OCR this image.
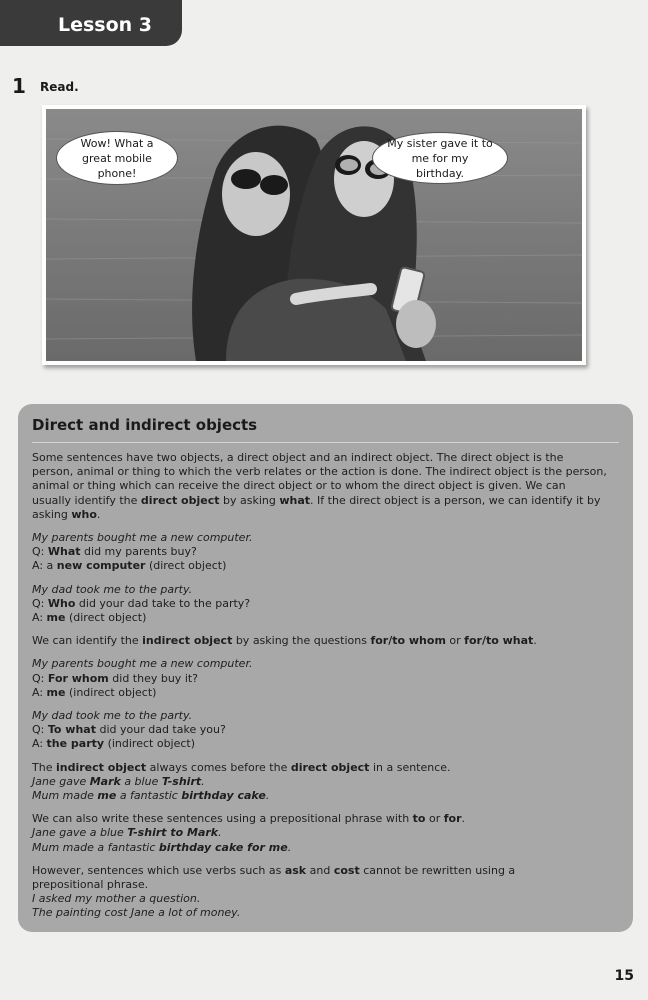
Lesson 3
1 Read.
Wow! What a great mobile phone!
My sister gave it to me for my birthday.
Direct and indirect objects
Some sentences have two objects, a direct object and an indirect object. The direct object is the
person, animal or thing to which the verb relates or the action is done. The indirect object is the person,
animal or thing which can receive the direct object or to whom the direct object is given. We can
usually identify the direct object by asking what. If the direct object is a person, we can identify it by
asking who.
My parents bought me a new computer.
Q: What did my parents buy?
A: a new computer (direct object)
My dad took me to the party.
Q: Who did your dad take to the party?
A: me (direct object)
We can identify the indirect object by asking the questions for/to whom or for/to what.
My parents bought me a new computer.
Q: For whom did they buy it?
A: me (indirect object)
My dad took me to the party.
Q: To what did your dad take you?
A: the party (indirect object)
The indirect object always comes before the direct object in a sentence.
Jane gave Mark a blue T-shirt.
Mum made me a fantastic birthday cake.
We can also write these sentences using a prepositional phrase with to or for.
Jane gave a blue T-shirt to Mark.
Mum made a fantastic birthday cake for me.
However, sentences which use verbs such as ask and cost cannot be rewritten using a
prepositional phrase.
I asked my mother a question.
The painting cost Jane a lot of money.
15
